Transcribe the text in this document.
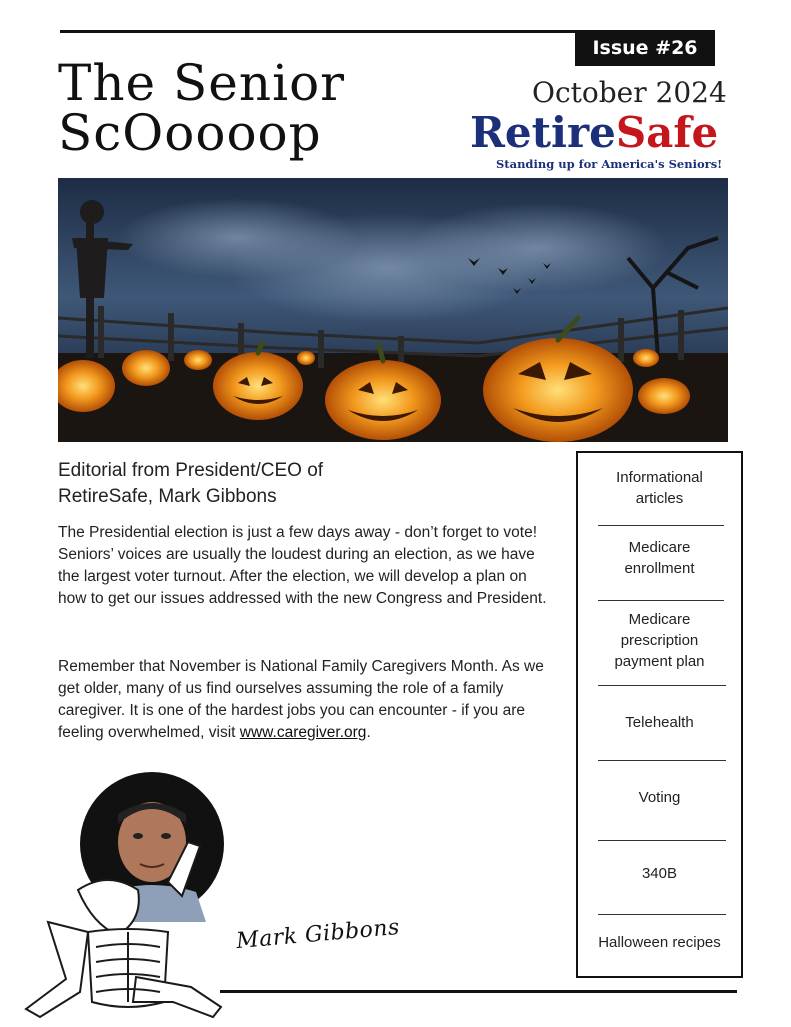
Issue #26
The Senior
ScOoooop
October 2024
RetireSafe
Standing up for America's Seniors!
Editorial from President/CEO of
RetireSafe, Mark Gibbons
The Presidential election is just a few days away - don’t forget to vote! Seniors’ voices are usually the loudest during an election, as we have the largest voter turnout. After the election, we will develop a plan on how to get our issues addressed with the new Congress and President.
Remember that November is National Family Caregivers Month. As we get older, many of us find ourselves assuming the role of a family caregiver. It is one of the hardest jobs you can encounter - if you are feeling overwhelmed, visit www.caregiver.org.
Informational
articles
Medicare
enrollment
Medicare
prescription
payment plan
Telehealth
Voting
340B
Halloween recipes
Mark Gibbons
